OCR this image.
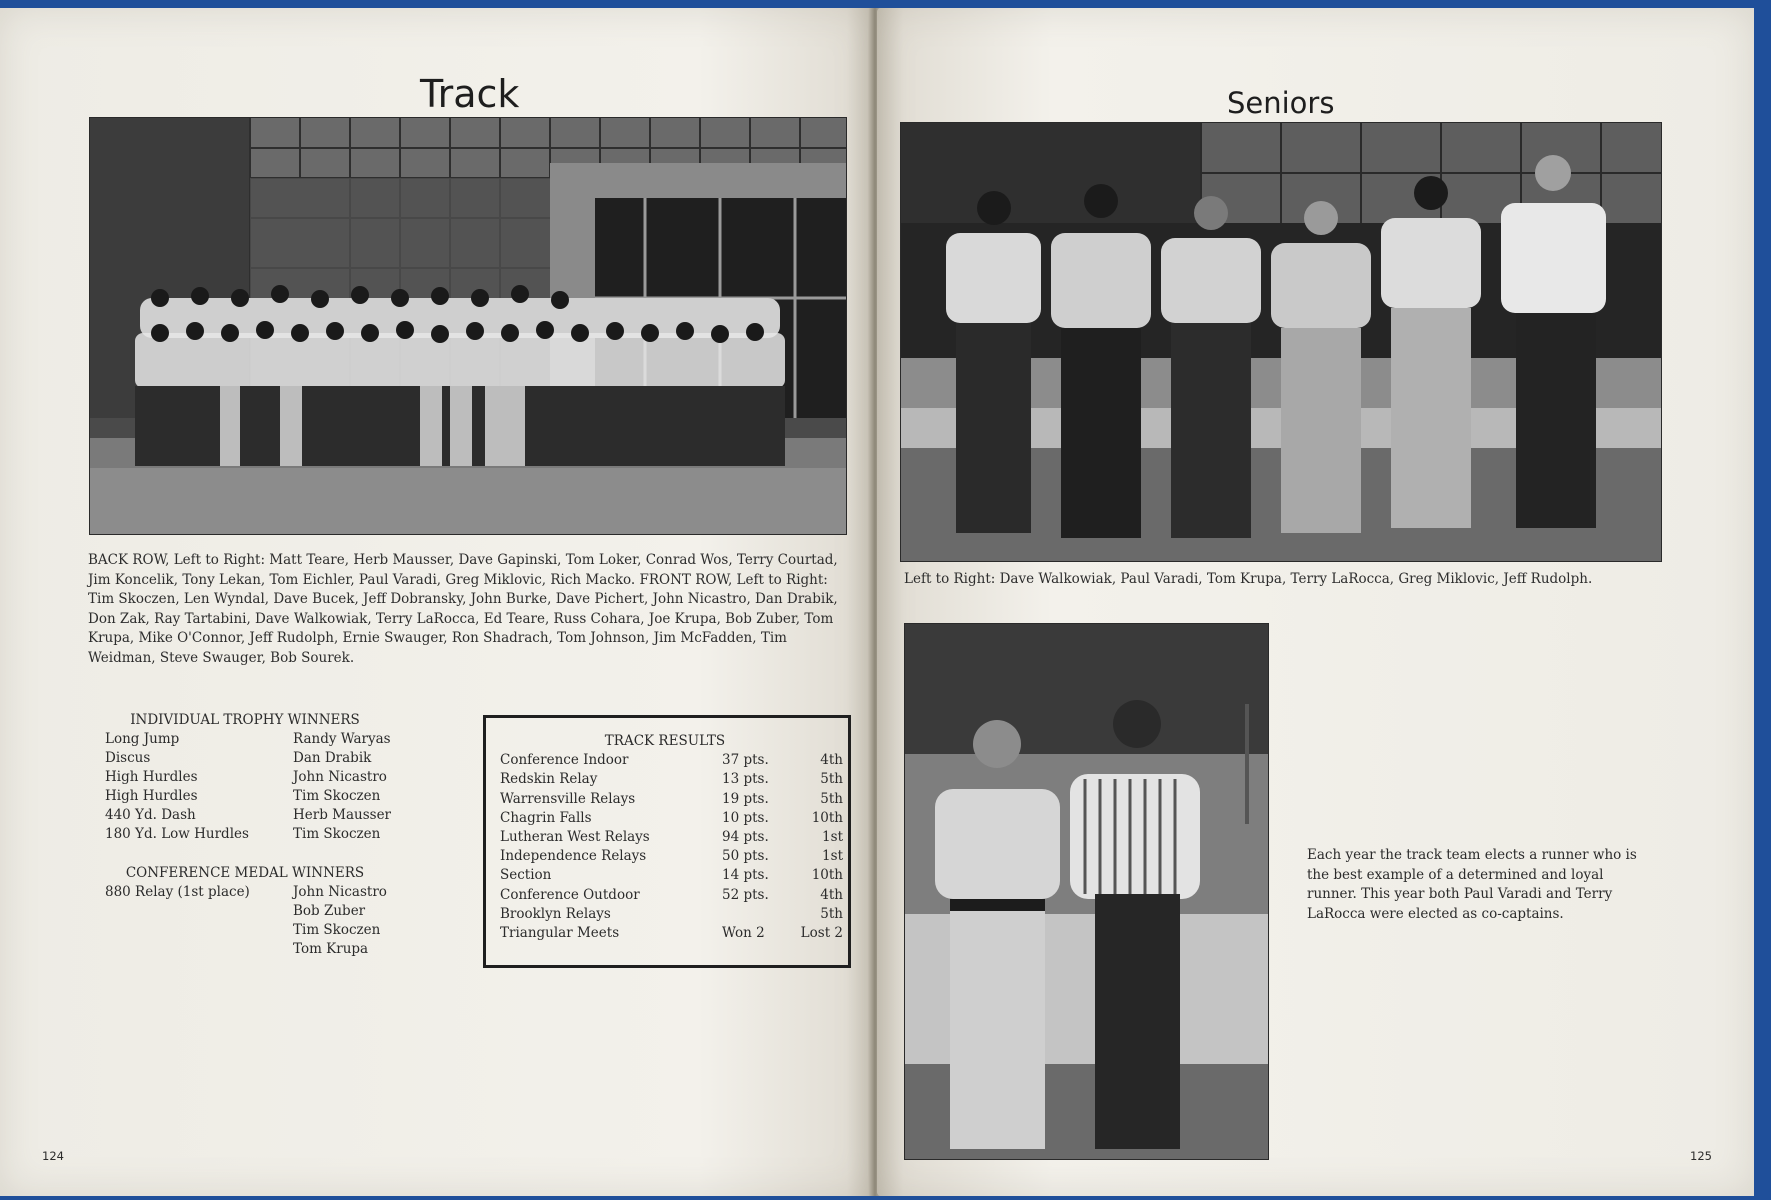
Track

BACK ROW, Left to Right: Matt Teare, Herb Mausser, Dave Gapinski, Tom Loker, Conrad Wos, Terry Courtad, Jim Koncelik, Tony Lekan, Tom Eichler, Paul Varadi, Greg Miklovic, Rich Macko. FRONT ROW, Left to Right: Tim Skoczen, Len Wyndal, Dave Bucek, Jeff Dobransky, John Burke, Dave Pichert, John Nicastro, Dan Drabik, Don Zak, Ray Tartabini, Dave Walkowiak, Terry LaRocca, Ed Teare, Russ Cohara, Joe Krupa, Bob Zuber, Tom Krupa, Mike O'Connor, Jeff Rudolph, Ernie Swauger, Ron Shadrach, Tom Johnson, Jim McFadden, Tim Weidman, Steve Swauger, Bob Sourek.

INDIVIDUAL TROPHY WINNERS
Long Jump	Randy Waryas
Discus	Dan Drabik
High Hurdles	John Nicastro
High Hurdles	Tim Skoczen
440 Yd. Dash	Herb Mausser
180 Yd. Low Hurdles	Tim Skoczen
CONFERENCE MEDAL WINNERS
880 Relay (1st place)	John Nicastro
	Bob Zuber
	Tim Skoczen
	Tom Krupa
TRACK RESULTS
Conference Indoor	37 pts.	4th
Redskin Relay	13 pts.	5th
Warrensville Relays	19 pts.	5th
Chagrin Falls	10 pts.	10th
Lutheran West Relays	94 pts.	1st
Independence Relays	50 pts.	1st
Section	14 pts.	10th
Conference Outdoor	52 pts.	4th
Brooklyn Relays		5th
Triangular Meets	Won 2	Lost 2
124
Seniors

Left to Right: Dave Walkowiak, Paul Varadi, Tom Krupa, Terry LaRocca, Greg Miklovic, Jeff Rudolph.

Each year the track team elects a runner who is the best example of a determined and loyal runner. This year both Paul Varadi and Terry LaRocca were elected as co-captains.

125
